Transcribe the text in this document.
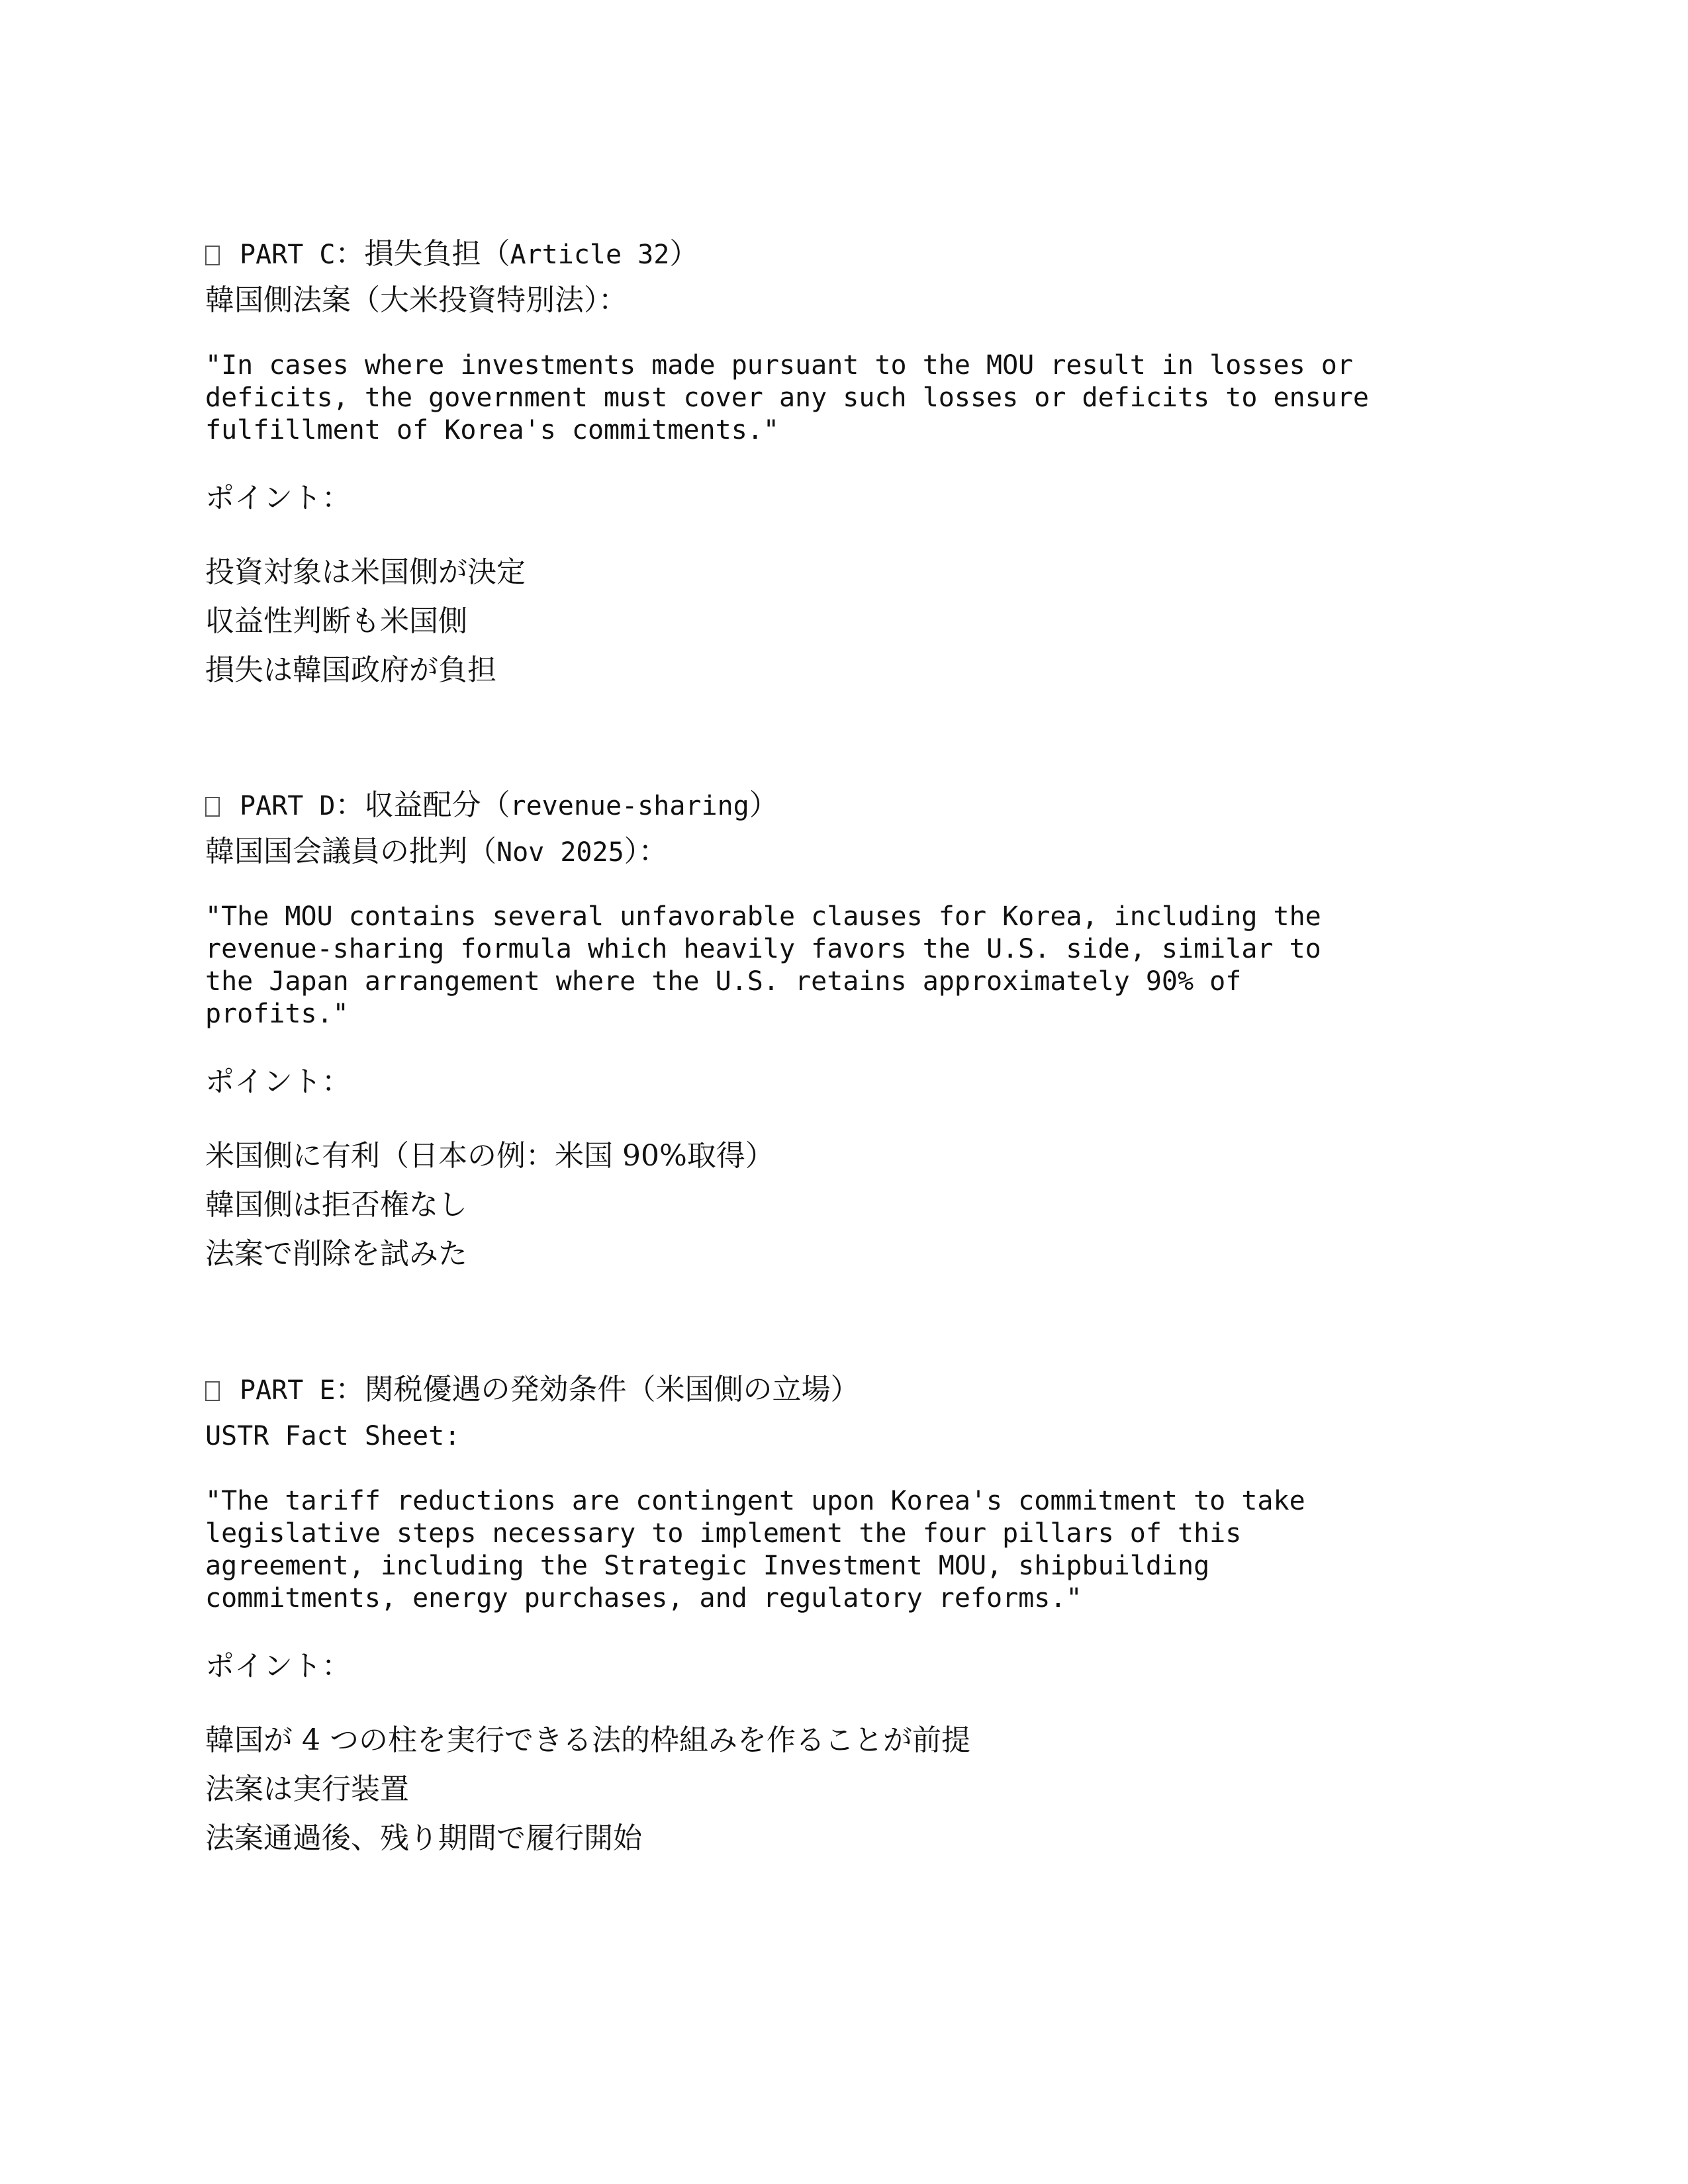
PART C：損失負担（Article 32）
韓国側法案（大米投資特別法）：
"In cases where investments made pursuant to the MOU result in losses or
deficits, the government must cover any such losses or deficits to ensure
fulfillment of Korea's commitments."
ポイント：
投資対象は米国側が決定
収益性判断も米国側
損失は韓国政府が負担
PART D：収益配分（revenue-sharing）
韓国国会議員の批判（Nov 2025）：
"The MOU contains several unfavorable clauses for Korea, including the
revenue-sharing formula which heavily favors the U.S. side, similar to
the Japan arrangement where the U.S. retains approximately 90% of
profits."
ポイント：
米国側に有利（日本の例：米国 90%取得）
韓国側は拒否権なし
法案で削除を試みた
PART E：関税優遇の発効条件（米国側の立場）
USTR Fact Sheet:
"The tariff reductions are contingent upon Korea's commitment to take
legislative steps necessary to implement the four pillars of this
agreement, including the Strategic Investment MOU, shipbuilding
commitments, energy purchases, and regulatory reforms."
ポイント：
韓国が 4 つの柱を実行できる法的枠組みを作ることが前提
法案は実行装置
法案通過後、残り期間で履行開始
